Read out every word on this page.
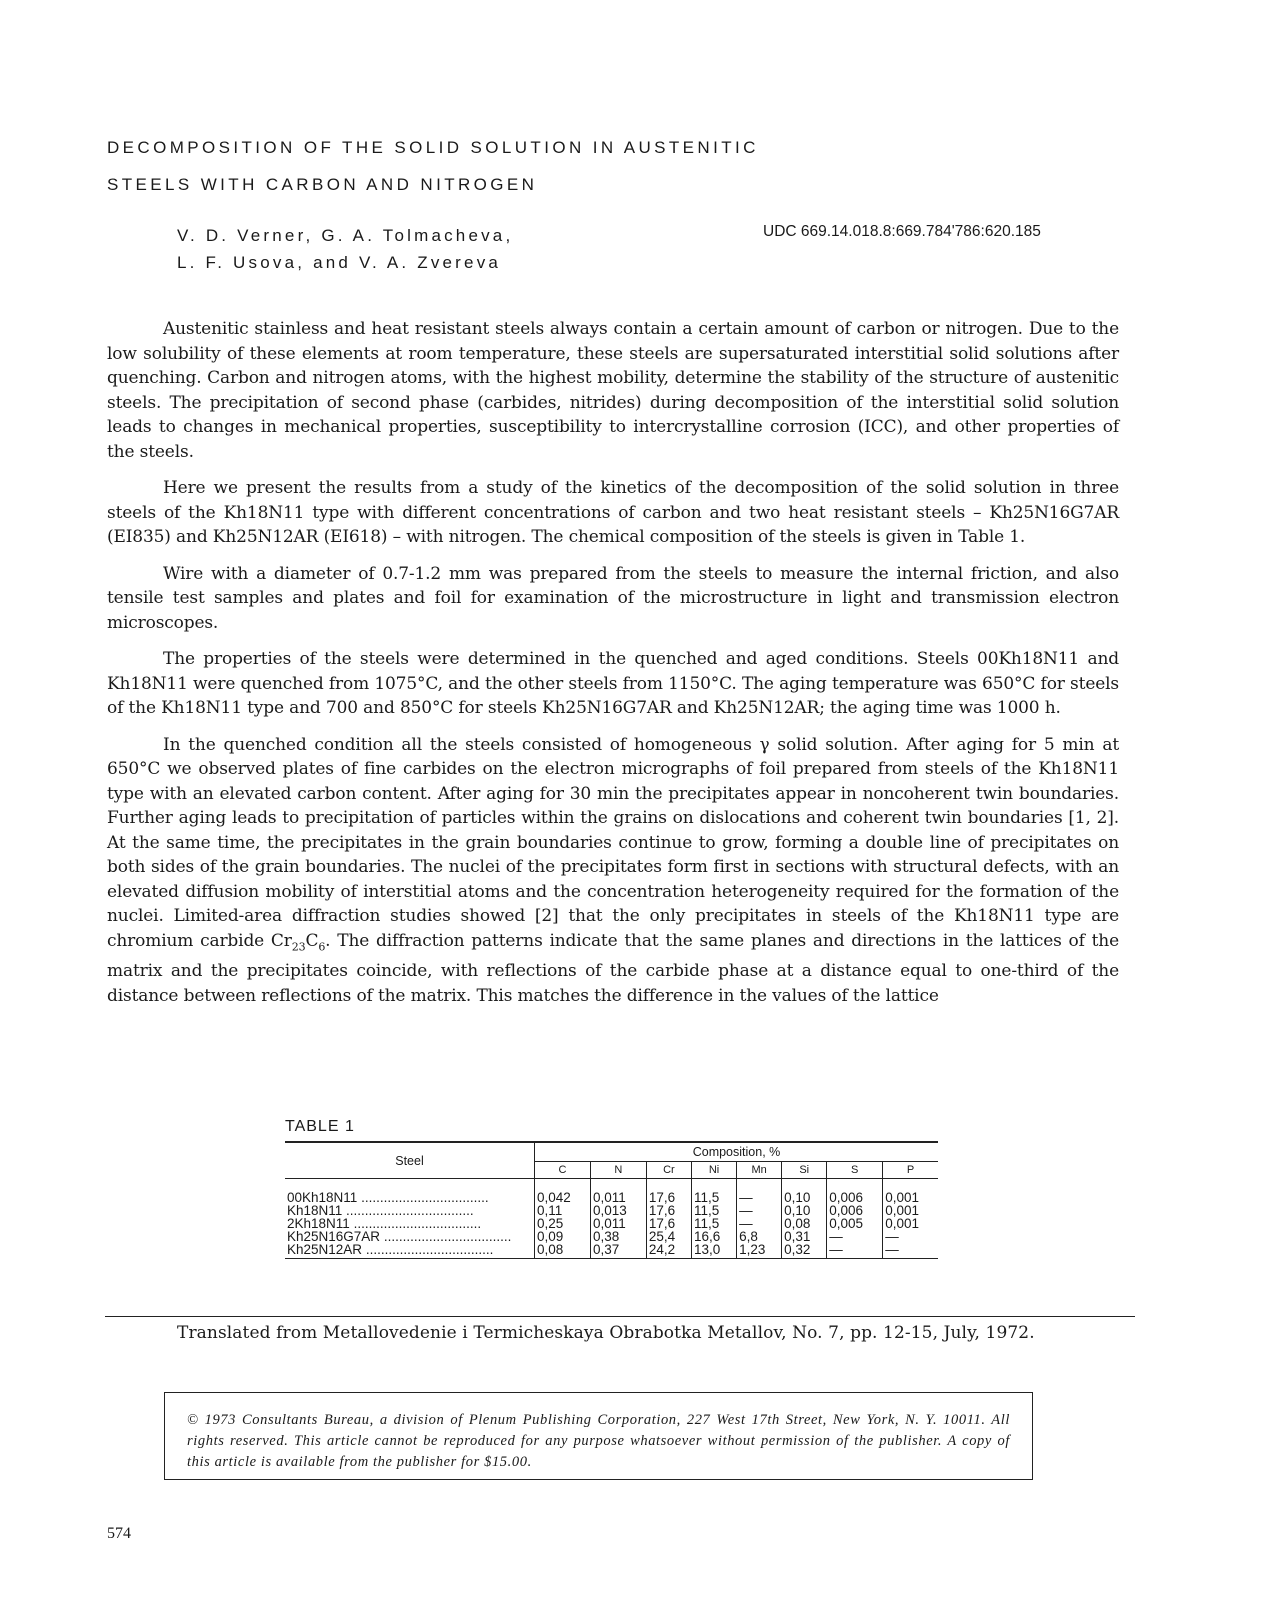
DECOMPOSITION OF THE SOLID SOLUTION IN AUSTENITIC
STEELS WITH CARBON AND NITROGEN
V. D. Verner, G. A. Tolmacheva,
L. F. Usova, and V. A. Zvereva
UDC 669.14.018.8:669.784'786:620.185

Austenitic stainless and heat resistant steels always contain a certain amount of carbon or nitrogen. Due to the low solubility of these elements at room temperature, these steels are supersaturated interstitial solid solutions after quenching. Carbon and nitrogen atoms, with the highest mobility, determine the stability of the structure of austenitic steels. The precipitation of second phase (carbides, nitrides) during decomposition of the interstitial solid solution leads to changes in mechanical properties, susceptibility to intercrystalline corrosion (ICC), and other properties of the steels.

Here we present the results from a study of the kinetics of the decomposition of the solid solution in three steels of the Kh18N11 type with different concentrations of carbon and two heat resistant steels – Kh25N16G7AR (EI835) and Kh25N12AR (EI618) – with nitrogen. The chemical composition of the steels is given in Table 1.

Wire with a diameter of 0.7-1.2 mm was prepared from the steels to measure the internal friction, and also tensile test samples and plates and foil for examination of the microstructure in light and transmission electron microscopes.

The properties of the steels were determined in the quenched and aged conditions. Steels 00Kh18N11 and Kh18N11 were quenched from 1075°C, and the other steels from 1150°C. The aging temperature was 650°C for steels of the Kh18N11 type and 700 and 850°C for steels Kh25N16G7AR and Kh25N12AR; the aging time was 1000 h.

In the quenched condition all the steels consisted of homogeneous γ solid solution. After aging for 5 min at 650°C we observed plates of fine carbides on the electron micrographs of foil prepared from steels of the Kh18N11 type with an elevated carbon content. After aging for 30 min the precipitates appear in noncoherent twin boundaries. Further aging leads to precipitation of particles within the grains on dislocations and coherent twin boundaries [1, 2]. At the same time, the precipitates in the grain boundaries continue to grow, forming a double line of precipitates on both sides of the grain boundaries. The nuclei of the precipitates form first in sections with structural defects, with an elevated diffusion mobility of interstitial atoms and the concentration heterogeneity required for the formation of the nuclei. Limited-area diffraction studies showed [2] that the only precipitates in steels of the Kh18N11 type are chromium carbide $Cr_{23}C_6$. The diffraction patterns indicate that the same planes and directions in the lattices of the matrix and the precipitates coincide, with reflections of the carbide phase at a distance equal to one-third of the distance between reflections of the matrix. This matches the difference in the values of the lattice

TABLE 1
Steel	Composition, %							
	C	N	Cr	Ni	Mn	Si	S	P
00Kh18N11 ..................................	0,042	0,011	17,6	11,5	—	0,10	0,006	0,001
Kh18N11 ..................................	0,11	0,013	17,6	11,5	—	0,10	0,006	0,001
2Kh18N11 ..................................	0,25	0,011	17,6	11,5	—	0,08	0,005	0,001
Kh25N16G7AR ..................................	0,09	0,38	25,4	16,6	6,8	0,31	—	—
Kh25N12AR ..................................	0,08	0,37	24,2	13,0	1,23	0,32	—	—
Translated from Metallovedenie i Termicheskaya Obrabotka Metallov, No. 7, pp. 12-15, July, 1972.
© 1973 Consultants Bureau, a division of Plenum Publishing Corporation, 227 West 17th Street, New York, N. Y. 10011. All rights reserved. This article cannot be reproduced for any purpose whatsoever without permission of the publisher. A copy of this article is available from the publisher for $15.00.
574
